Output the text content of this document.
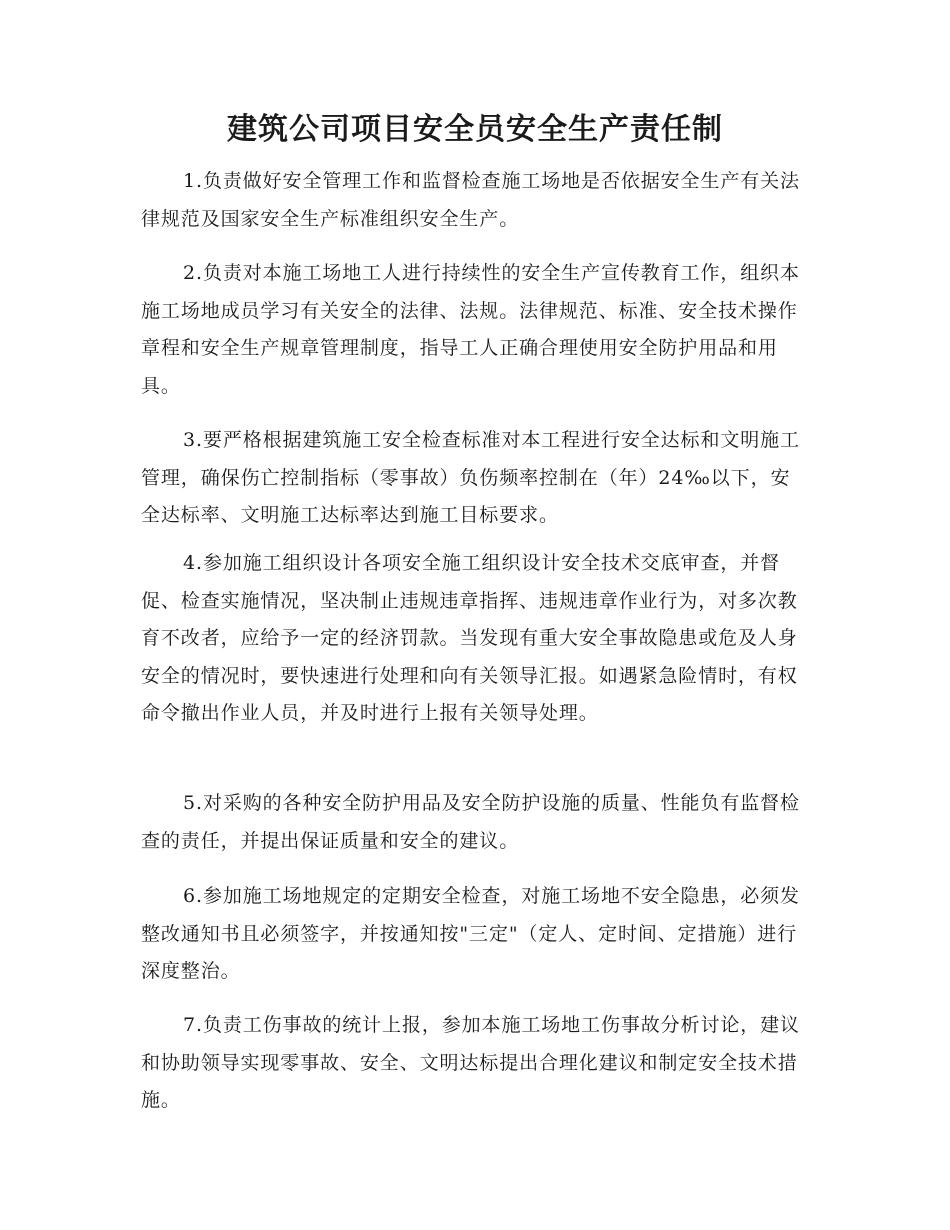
建筑公司项目安全员安全生产责任制

1.负责做好安全管理工作和监督检查施工场地是否依据安全生产有关法律规范及国家安全生产标准组织安全生产。

2.负责对本施工场地工人进行持续性的安全生产宣传教育工作，组织本施工场地成员学习有关安全的法律、法规。法律规范、标准、安全技术操作章程和安全生产规章管理制度，指导工人正确合理使用安全防护用品和用具。

3.要严格根据建筑施工安全检查标准对本工程进行安全达标和文明施工管理，确保伤亡控制指标（零事故）负伤频率控制在（年）24‰以下，安全达标率、文明施工达标率达到施工目标要求。

4.参加施工组织设计各项安全施工组织设计安全技术交底审查，并督促、检查实施情况，坚决制止违规违章指挥、违规违章作业行为，对多次教育不改者，应给予一定的经济罚款。当发现有重大安全事故隐患或危及人身安全的情况时，要快速进行处理和向有关领导汇报。如遇紧急险情时，有权命令撤出作业人员，并及时进行上报有关领导处理。

5.对采购的各种安全防护用品及安全防护设施的质量、性能负有监督检查的责任，并提出保证质量和安全的建议。

6.参加施工场地规定的定期安全检查，对施工场地不安全隐患，必须发整改通知书且必须签字，并按通知按"三定"（定人、定时间、定措施）进行深度整治。

7.负责工伤事故的统计上报，参加本施工场地工伤事故分析讨论，建议和协助领导实现零事故、安全、文明达标提出合理化建议和制定安全技术措施。
